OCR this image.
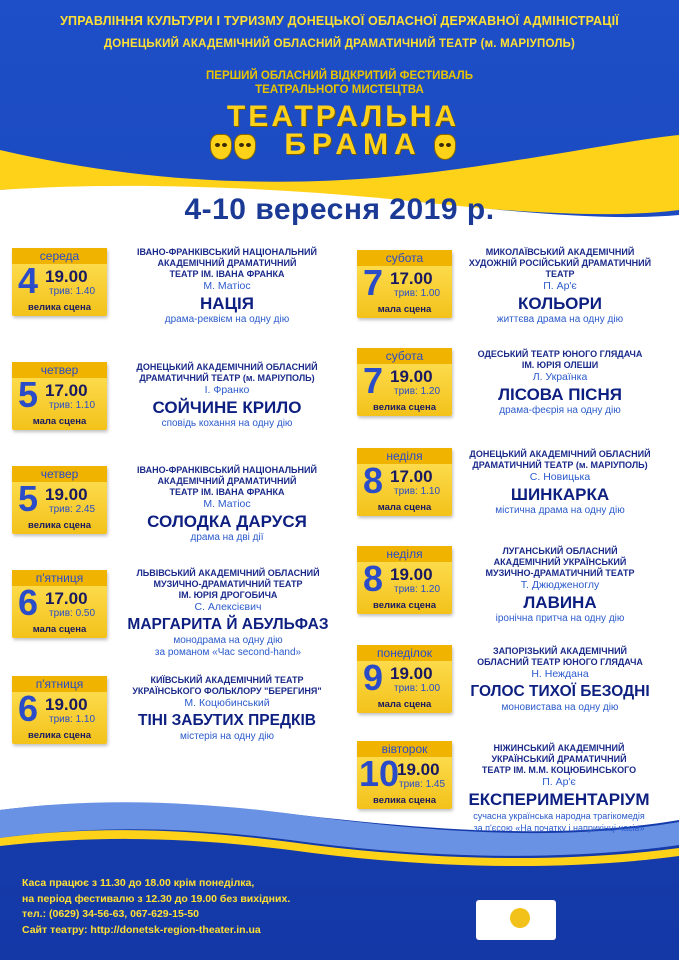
УПРАВЛІННЯ КУЛЬТУРИ І ТУРИЗМУ ДОНЕЦЬКОЇ ОБЛАСНОЇ ДЕРЖАВНОЇ АДМІНІСТРАЦІЇ
ДОНЕЦЬКИЙ АКАДЕМІЧНИЙ ОБЛАСНИЙ ДРАМАТИЧНИЙ ТЕАТР (м. МАРІУПОЛЬ)
ПЕРШИЙ ОБЛАСНИЙ ВІДКРИТИЙ ФЕСТИВАЛЬ
ТЕАТРАЛЬНОГО МИСТЕЦТВА
ТЕАТРАЛЬНА
БРАМА
4-10 вересня 2019 р.
середа
4 19.00
трив: 1.40
велика сцена
ІВАНО-ФРАНКІВСЬКИЙ НАЦІОНАЛЬНИЙ
АКАДЕМІЧНИЙ ДРАМАТИЧНИЙ
ТЕАТР ІМ. ІВАНА ФРАНКА
М. Матіос
НАЦІЯ
драма-реквієм на одну дію
четвер
5 17.00
трив: 1.10
мала сцена
ДОНЕЦЬКИЙ АКАДЕМІЧНИЙ ОБЛАСНИЙ
ДРАМАТИЧНИЙ ТЕАТР (м. МАРІУПОЛЬ)
І. Франко
СОЙЧИНЕ КРИЛО
сповідь кохання на одну дію
четвер
5 19.00
трив: 2.45
велика сцена
ІВАНО-ФРАНКІВСЬКИЙ НАЦІОНАЛЬНИЙ
АКАДЕМІЧНИЙ ДРАМАТИЧНИЙ
ТЕАТР ІМ. ІВАНА ФРАНКА
М. Матіос
СОЛОДКА ДАРУСЯ
драма на дві дії
п'ятниця
6 17.00
трив: 0.50
мала сцена
ЛЬВІВСЬКИЙ АКАДЕМІЧНИЙ ОБЛАСНИЙ
МУЗИЧНО-ДРАМАТИЧНИЙ ТЕАТР
ІМ. ЮРІЯ ДРОГОБИЧА
С. Алексієвич
МАРГАРИТА Й АБУЛЬФАЗ
монодрама на одну дію
за романом «Час second-hand»
п'ятниця
6 19.00
трив: 1.10
велика сцена
КИЇВСЬКИЙ АКАДЕМІЧНИЙ ТЕАТР
УКРАЇНСЬКОГО ФОЛЬКЛОРУ "БЕРЕГИНЯ"
М. Коцюбинський
ТІНІ ЗАБУТИХ ПРЕДКІВ
містерія на одну дію
субота
7 17.00
трив: 1.00
мала сцена
МИКОЛАЇВСЬКИЙ АКАДЕМІЧНИЙ
ХУДОЖНІЙ РОСІЙСЬКИЙ ДРАМАТИЧНИЙ
ТЕАТР
П. Ар'є
КОЛЬОРИ
життєва драма на одну дію
субота
7 19.00
трив: 1.20
велика сцена
ОДЕСЬКИЙ ТЕАТР ЮНОГО ГЛЯДАЧА
ІМ. ЮРІЯ ОЛЕШИ
Л. Українка
ЛІСОВА ПІСНЯ
драма-феєрія на одну дію
неділя
8 17.00
трив: 1.10
мала сцена
ДОНЕЦЬКИЙ АКАДЕМІЧНИЙ ОБЛАСНИЙ
ДРАМАТИЧНИЙ ТЕАТР (м. МАРІУПОЛЬ)
С. Новицька
ШИНКАРКА
містична драма на одну дію
неділя
8 19.00
трив: 1.20
велика сцена
ЛУГАНСЬКИЙ ОБЛАСНИЙ
АКАДЕМІЧНИЙ УКРАЇНСЬКИЙ
МУЗИЧНО-ДРАМАТИЧНИЙ ТЕАТР
Т. Джюдженоглу
ЛАВИНА
іронічна притча на одну дію
понеділок
9 19.00
трив: 1.00
мала сцена
ЗАПОРІЗЬКИЙ АКАДЕМІЧНИЙ
ОБЛАСНИЙ ТЕАТР ЮНОГО ГЛЯДАЧА
Н. Неждана
ГОЛОС ТИХОЇ БЕЗОДНІ
моновистава на одну дію
вівторок
10
19.00
трив: 1.45
велика сцена
НІЖИНСЬКИЙ АКАДЕМІЧНИЙ
УКРАЇНСЬКИЙ ДРАМАТИЧНИЙ
ТЕАТР ІМ. М.М. КОЦЮБИНСЬКОГО
П. Ар'є
ЕКСПЕРИМЕНТАРІУМ
сучасна українська народна трагікомедія
за п'єсою «На початку і наприкінці часів»
Каса працює з 11.30 до 18.00 крім понеділка,
на період фестивалю з 12.30 до 19.00 без вихідних.
тел.: (0629) 34-56-63, 067-629-15-50
Сайт театру: http://donetsk-region-theater.in.ua
